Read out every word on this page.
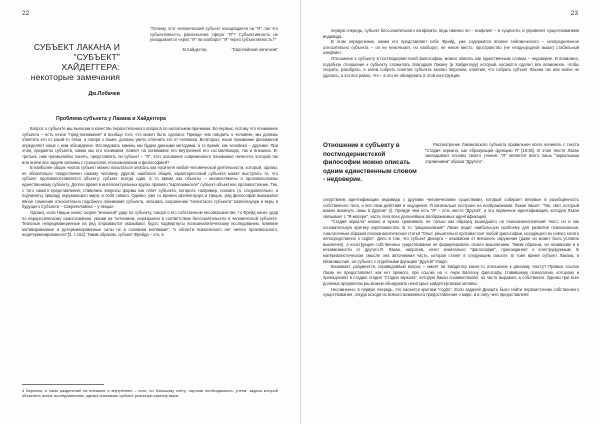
22
СУБЪЕКТ ЛАКАНА И
"СУБЪЕКТ" ХАЙДЕГГЕРА:
некоторые замечания
Дм.Лобачев
"Почему этот человеческий субъект находящиеся на "Я", так что субъективность равнозначна сфере "Я"? Субъективность не укладывается через "Я" ли изоборот "Я" через субъективность?"
М.Хайдеггер,	"Европейский нигилизм"
Проблема субъекта у Лакана и Хайдеггера

Вопрос о субъекте мы выносим в качестве первостепенного вопроса по нескольким причинам. Во-первых, потому что понимание субъекта – есть некое "пред-понимание" и вообще того, что может быть сделано. Прежде чем говорить о человеке, мы должны отметить его от какой-то точки, а говоря о языке, должны уметь отличить его от человека. Во-вторых, наше понимание феноменов определяет наше с ним обхождение. Исследовать камень мы будем данными методами, а то время, как человека – другими. При этом, предметы субъекта, каким мы его понимаем, влияет на понимание его внутренней его составляющих, так и внешних. В-третьих, нам чрезвычайно понять, представлять ли субъект – "Я", этот основание современного понимания личности, которой так или иначе все задачи связаны с психологии, психоанализом и философией?

В наиболее общих чертах субъект можно попытаться описать как носителя любой человеческой деятельности, который, однако, не обязательно тождественен самому человеку. Другой, наиболее общий, характеристикой субъекта может выступить то, что субъект противопоставляется объекту; субъект всегда один, в то время как объекты – множественны и противоположны единственному субъекту. Долгое время в интеллектуальных кругах правило "картезианское" субъект-объектное противостояние. Так, с того самого представления, ставились вопросы формы как ответ субъекта, которого, например, познать (а, следовательно, и подчинить) природу окружающего мира, и себя самого. Однако, уже со времен Шопенгауэра и Ницше, ряд философов выказывал явное сомнение относительно подобного понимания субъекта, опасаясь сохранению "гигантского субъекта" Шопенгауэра и веры в будущего Субъекта – Сверхчеловека – у Ницше.

Однако, если Ницше нанес скорее "внешний" удар по субъекту, говоря о его собственном несовершенстве, то Фрейд нанес удар по нарциссическому самосознанию, указав на толчением, неразрывно в соответствии бессознательного в человеческой субъекте. Тезисные непреднамеренные на ряд открываются оказывают, будто подвергнуты психоаналитическому исследованию, влияние мотивированные и детерминированные силы не в сознании мотивами", "к области психического нет ничего произвольного, недетерминированного"[3, с.152]. Таким образом, субъект Фрейда – это, в

4 Впрочем, и само разделение на внешнее и внутреннее – есть, по большому счету, научная необходимость: учтем, задача которой объяснить жизнь исследователям, однако описывать субъект реальную картину мира.

23

первую очередь, субъект бессознательного конфликта, ведь именно он – конфликт – в сущности, и управляет существованием индивида.

В этом определении, каким его представляет себе Фрейд, уже содержится вполне сейсмического – неопределенное относительно субъекта – он не неисчезает, но наоборот, не некое место, пространство (не неоднородной выше) стабильный конфликт.

Отношение к субъекту в постмодернистской философии, можно описать как единственным словом – недоверие. И возможно, подобное отношение к субъекту сложилось благодаря Лакану (и Хайдеггеру) который, касаются сделал все возможное, чтобы спорить, разобрать, а затем собрать понятие субъекта заново. Впрочем, отметим, что собрать субъект Лакана так или иначе не удалось, а это все равно, что – а это не обнаружить в этой конструкции.

Отношение к субъекту в постмодернистской философии можно описать одним единственным словом - недоверие.

Рассмотрение Лакановского субъекта правильнее всего начинать с текста "Стадия зеркала, как образующая функцию Я" [19:36]. В этом тексте Лакан закладывает основы своего учения. "Я" является всего лишь "зеркальным отражением" образа "Другого".

следствием идентификации индивида с другими человеческими существами, который собирает впервые в разобщённость собственного тела, и все свои действия и ощущения. Я изначально построен на воображаемом. Лакан пишет: "Так, свет, который можно выкинуть лишь в Другом" (I). Прежде чем есть "Я" – есть место "Другой", и это первичное идентификация, которую Лакан связывает с "Я-матери", часть тела всех дальнейших воображаемых идентификаций.

"Стадия зеркала" можно и нужно сравнивать не только как образец вышедшего на психоаналитический текст, но и как основательную критику картезианства. В то "рационализме" Лакан видит наибольшую проблему для развития психоанализа. Аналогичным образом психоаналитическая статья "Опыт, решительно противостоит любой философии, исходящего из нового когито непосредственно к cogito". Дело в том, что субъект Декарта – независим от внешнего окружения (даже он может быть условно выключен), а конструкция собственных существование не формулировать своего мышлением. Таким образом, он независим и в независимости от другого.Я. Лакан, напротив, хочет изначально "философия", присоединяет к конструируемым. В материалистическом смысле она автономная часть, которая станет в следующем смысле. В тоже время субъект Лакана, в Инакомыслие, он субъект, с подобными функцию "Другой" Imago.

Возникает, разумеется, справедливый вопрос – имеет ли Хайдеггер какое-то отношение к данному тексту? Прямых ссылок Лакан не предоставляет, как нет прямого, при ссылке на ч. Анри Валлону философу, ставившему психологию, которому и принадлежит в стадию стадия "Стадия зеркала", которую Лакан позаимствовал, но часто выражал, а собственно. Однако при всех должных аргументах мы можем обнаружить некоторые хайдеггеровские мотивы.

Несомненно, в первую очередь, это касается критики "cogito". Если задачей Декарта было найти первоисточник собственного существования, откуда исходя из всякого возможного предоставления о мире, и в силу чего предоставлена
